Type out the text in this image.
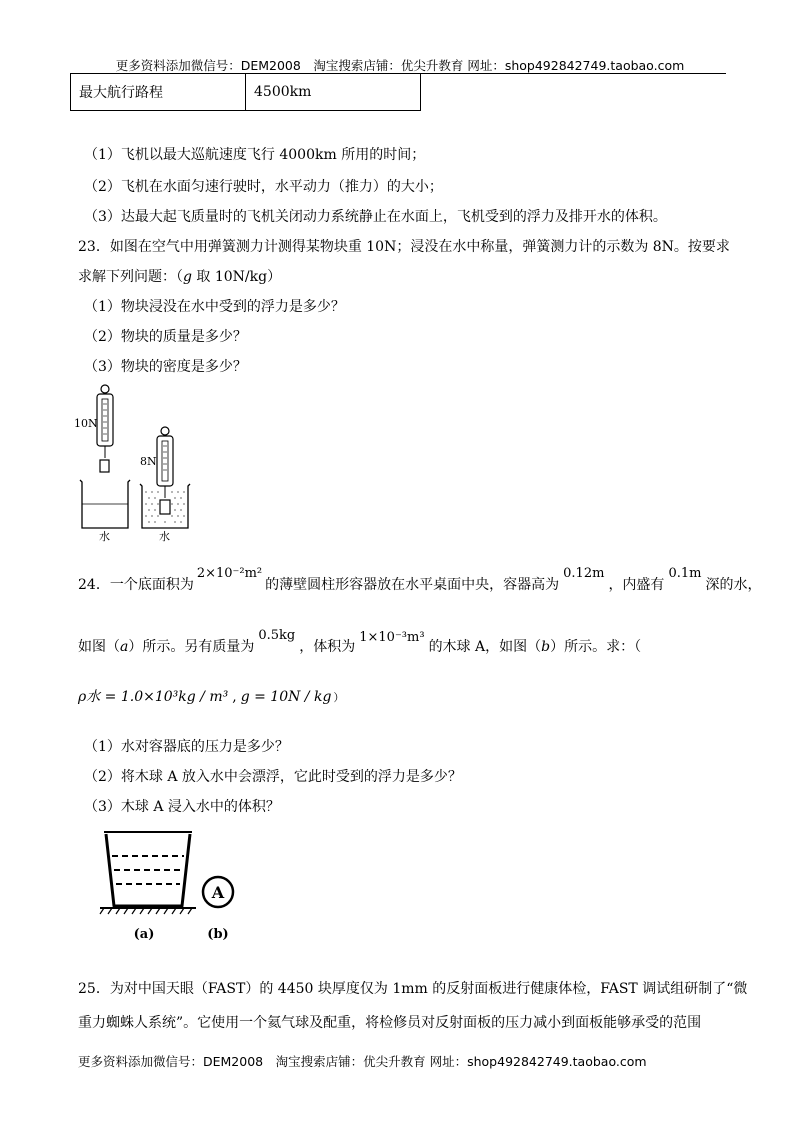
更多资料添加微信号：DEM2008　淘宝搜索店铺：优尖升教育 网址：shop492842749.taobao.com
最大航行路程	4500km
（1）飞机以最大巡航速度飞行 4000km 所用的时间；
（2）飞机在水面匀速行驶时，水平动力（推力）的大小；
（3）达最大起飞质量时的飞机关闭动力系统静止在水面上，飞机受到的浮力及排开水的体积。
23．如图在空气中用弹簧测力计测得某物块重 10N；浸没在水中称量，弹簧测力计的示数为 8N。按要求
求解下列问题：（g 取 10N/kg）
（1）物块浸没在水中受到的浮力是多少？
（2）物块的质量是多少？
（3）物块的密度是多少？
10N
水
8N
水
24．一个底面积为2×10⁻²m²的薄壁圆柱形容器放在水平桌面中央，容器高为0.12m，内盛有0.1m深的水，
如图（a）所示。另有质量为0.5kg，体积为1×10⁻³m³的木球 A，如图（b）所示。求：（
ρ水 = 1.0×10³kg / m³ , g = 10N / kg ）
（1）水对容器底的压力是多少？
（2）将木球 A 放入水中会漂浮，它此时受到的浮力是多少？
（3）木球 A 浸入水中的体积？
A
(a)	(b)
25．为对中国天眼（FAST）的 4450 块厚度仅为 1mm 的反射面板进行健康体检，FAST 调试组研制了“微
重力蜘蛛人系统”。它使用一个氦气球及配重，将检修员对反射面板的压力减小到面板能够承受的范围
更多资料添加微信号：DEM2008　淘宝搜索店铺：优尖升教育 网址：shop492842749.taobao.com
